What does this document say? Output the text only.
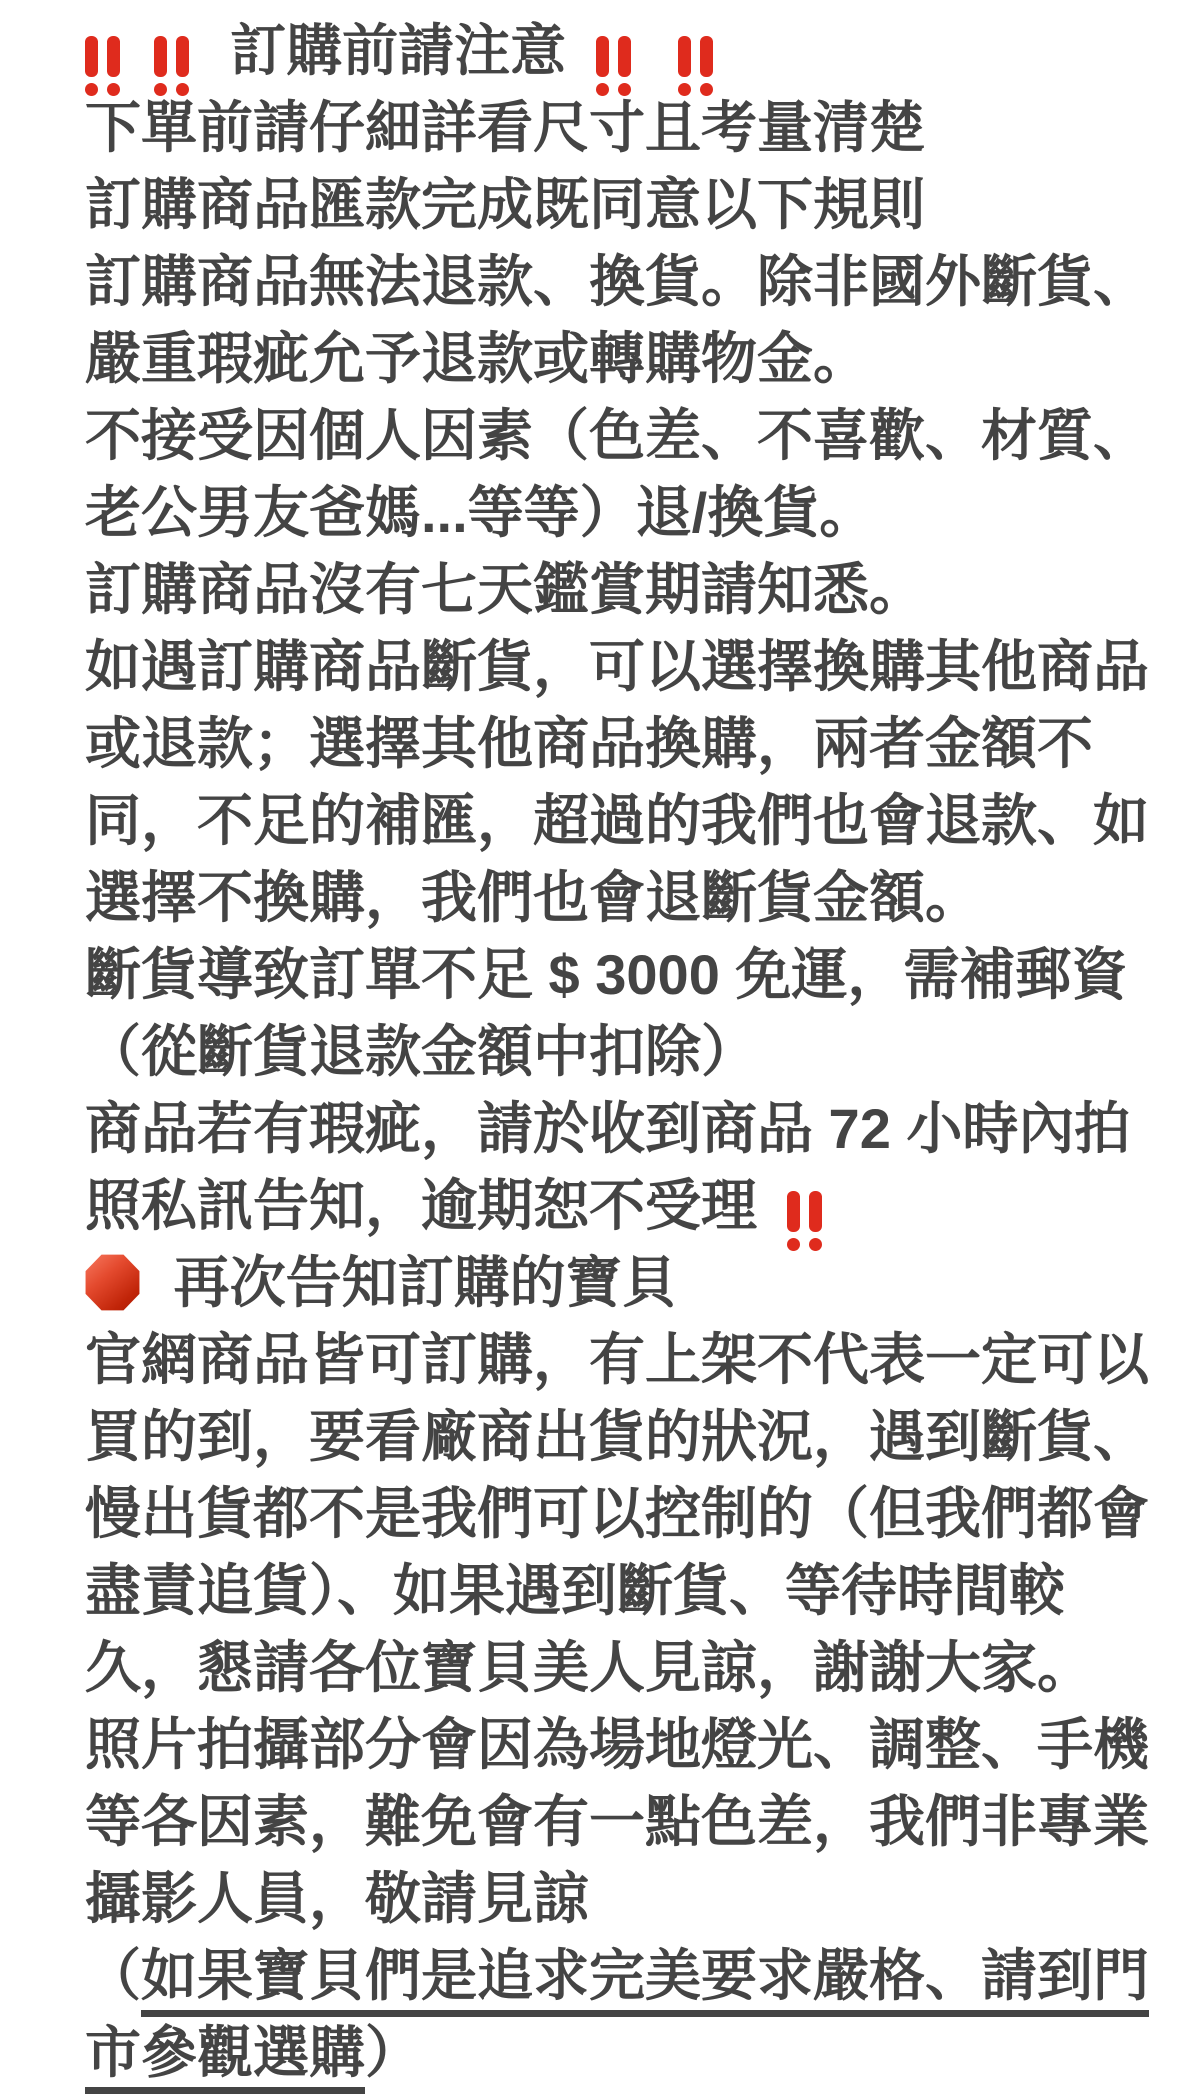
訂購前請注意

下單前請仔細詳看尺寸且考量清楚
訂購商品匯款完成既同意以下規則
訂購商品無法退款、換貨。除非國外斷貨、
嚴重瑕疵允予退款或轉購物金。
不接受因個人因素（色差、不喜歡、材質、
老公男友爸媽...等等）退/換貨。
訂購商品沒有七天鑑賞期請知悉。
如遇訂購商品斷貨，可以選擇換購其他商品
或退款；選擇其他商品換購，兩者金額不
同，不足的補匯，超過的我們也會退款、如
選擇不換購，我們也會退斷貨金額。
斷貨導致訂單不足 $ 3000 免運，需補郵資
（從斷貨退款金額中扣除）
商品若有瑕疵，請於收到商品 72 小時內拍
照私訊告知，逾期恕不受理
再次告知訂購的寶貝
官網商品皆可訂購，有上架不代表一定可以
買的到，要看廠商出貨的狀況，遇到斷貨、
慢出貨都不是我們可以控制的（但我們都會
盡責追貨）、如果遇到斷貨、等待時間較
久，懇請各位寶貝美人見諒，謝謝大家。
照片拍攝部分會因為場地燈光、調整、手機
等各因素，難免會有一點色差，我們非專業
攝影人員，敬請見諒
（如果寶貝們是追求完美要求嚴格、請到門
市參觀選購）
